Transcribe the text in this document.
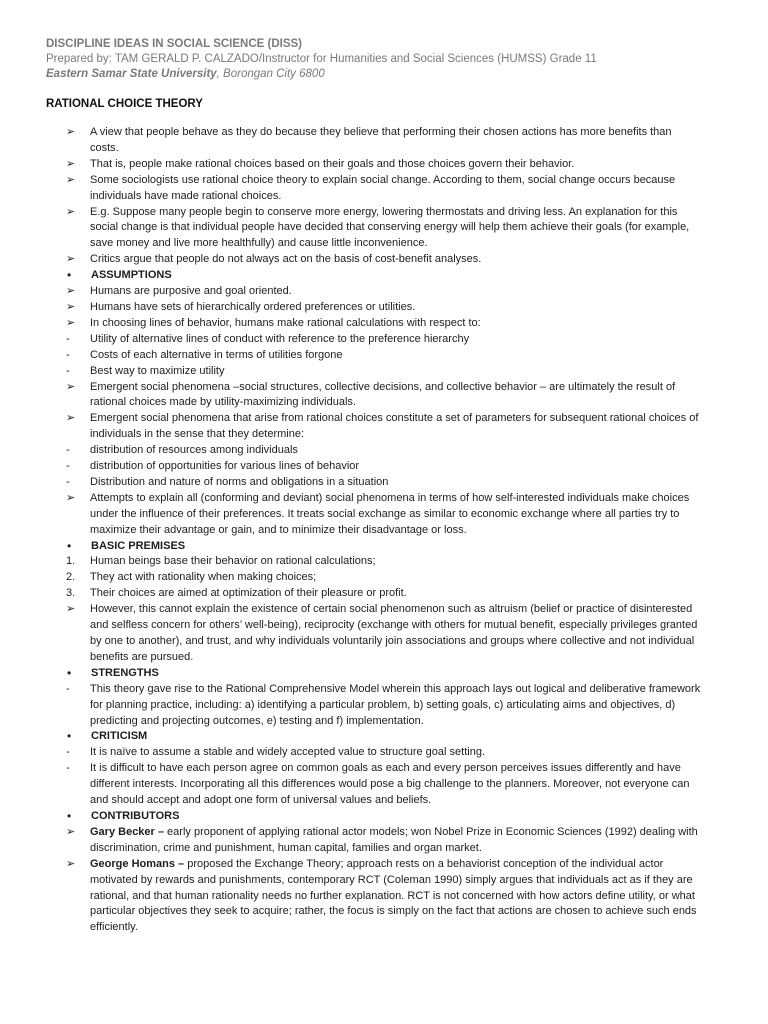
DISCIPLINE IDEAS IN SOCIAL SCIENCE (DISS)
Prepared by: TAM GERALD P. CALZADO/Instructor for Humanities and Social Sciences (HUMSS) Grade 11
Eastern Samar State University, Borongan City 6800
RATIONAL CHOICE THEORY
➢	A view that people behave as they do because they believe that performing their chosen actions has more benefits than costs.
➢	That is, people make rational choices based on their goals and those choices govern their behavior.
➢	Some sociologists use rational choice theory to explain social change. According to them, social change occurs because individuals have made rational choices.
➢	E.g. Suppose many people begin to conserve more energy, lowering thermostats and driving less. An explanation for this social change is that individual people have decided that conserving energy will help them achieve their goals (for example, save money and live more healthfully) and cause little inconvenience.
➢	Critics argue that people do not always act on the basis of cost-benefit analyses.
•	ASSUMPTIONS
➢	Humans are purposive and goal oriented.
➢	Humans have sets of hierarchically ordered preferences or utilities.
➢	In choosing lines of behavior, humans make rational calculations with respect to:
-	Utility of alternative lines of conduct with reference to the preference hierarchy
-	Costs of each alternative in terms of utilities forgone
-	Best way to maximize utility
➢	Emergent social phenomena –social structures, collective decisions, and collective behavior – are ultimately the result of rational choices made by utility-maximizing individuals.
➢	Emergent social phenomena that arise from rational choices constitute a set of parameters for subsequent rational choices of individuals in the sense that they determine:
-	distribution of resources among individuals
-	distribution of opportunities for various lines of behavior
-	Distribution and nature of norms and obligations in a situation
➢	Attempts to explain all (conforming and deviant) social phenomena in terms of how self-interested individuals make choices under the influence of their preferences. It treats social exchange as similar to economic exchange where all parties try to maximize their advantage or gain, and to minimize their disadvantage or loss.
•	BASIC PREMISES
1.	Human beings base their behavior on rational calculations;
2.	They act with rationality when making choices;
3.	Their choices are aimed at optimization of their pleasure or profit.
➢	However, this cannot explain the existence of certain social phenomenon such as altruism (belief or practice of disinterested and selfless concern for others’ well-being), reciprocity (exchange with others for mutual benefit, especially privileges granted by one to another), and trust, and why individuals voluntarily join associations and groups where collective and not individual benefits are pursued.
•	STRENGTHS
-	This theory gave rise to the Rational Comprehensive Model wherein this approach lays out logical and deliberative framework for planning practice, including: a) identifying a particular problem, b) setting goals, c) articulating aims and objectives, d) predicting and projecting outcomes, e) testing and f) implementation.
•	CRITICISM
-	It is naïve to assume a stable and widely accepted value to structure goal setting.
-	It is difficult to have each person agree on common goals as each and every person perceives issues differently and have different interests. Incorporating all this differences would pose a big challenge to the planners. Moreover, not everyone can and should accept and adopt one form of universal values and beliefs.
•	CONTRIBUTORS
➢	Gary Becker – early proponent of applying rational actor models; won Nobel Prize in Economic Sciences (1992) dealing with discrimination, crime and punishment, human capital, families and organ market.
➢	George Homans – proposed the Exchange Theory; approach rests on a behaviorist conception of the individual actor motivated by rewards and punishments, contemporary RCT (Coleman 1990) simply argues that individuals act as if they are rational, and that human rationality needs no further explanation. RCT is not concerned with how actors define utility, or what particular objectives they seek to acquire; rather, the focus is simply on the fact that actions are chosen to achieve such ends efficiently.
